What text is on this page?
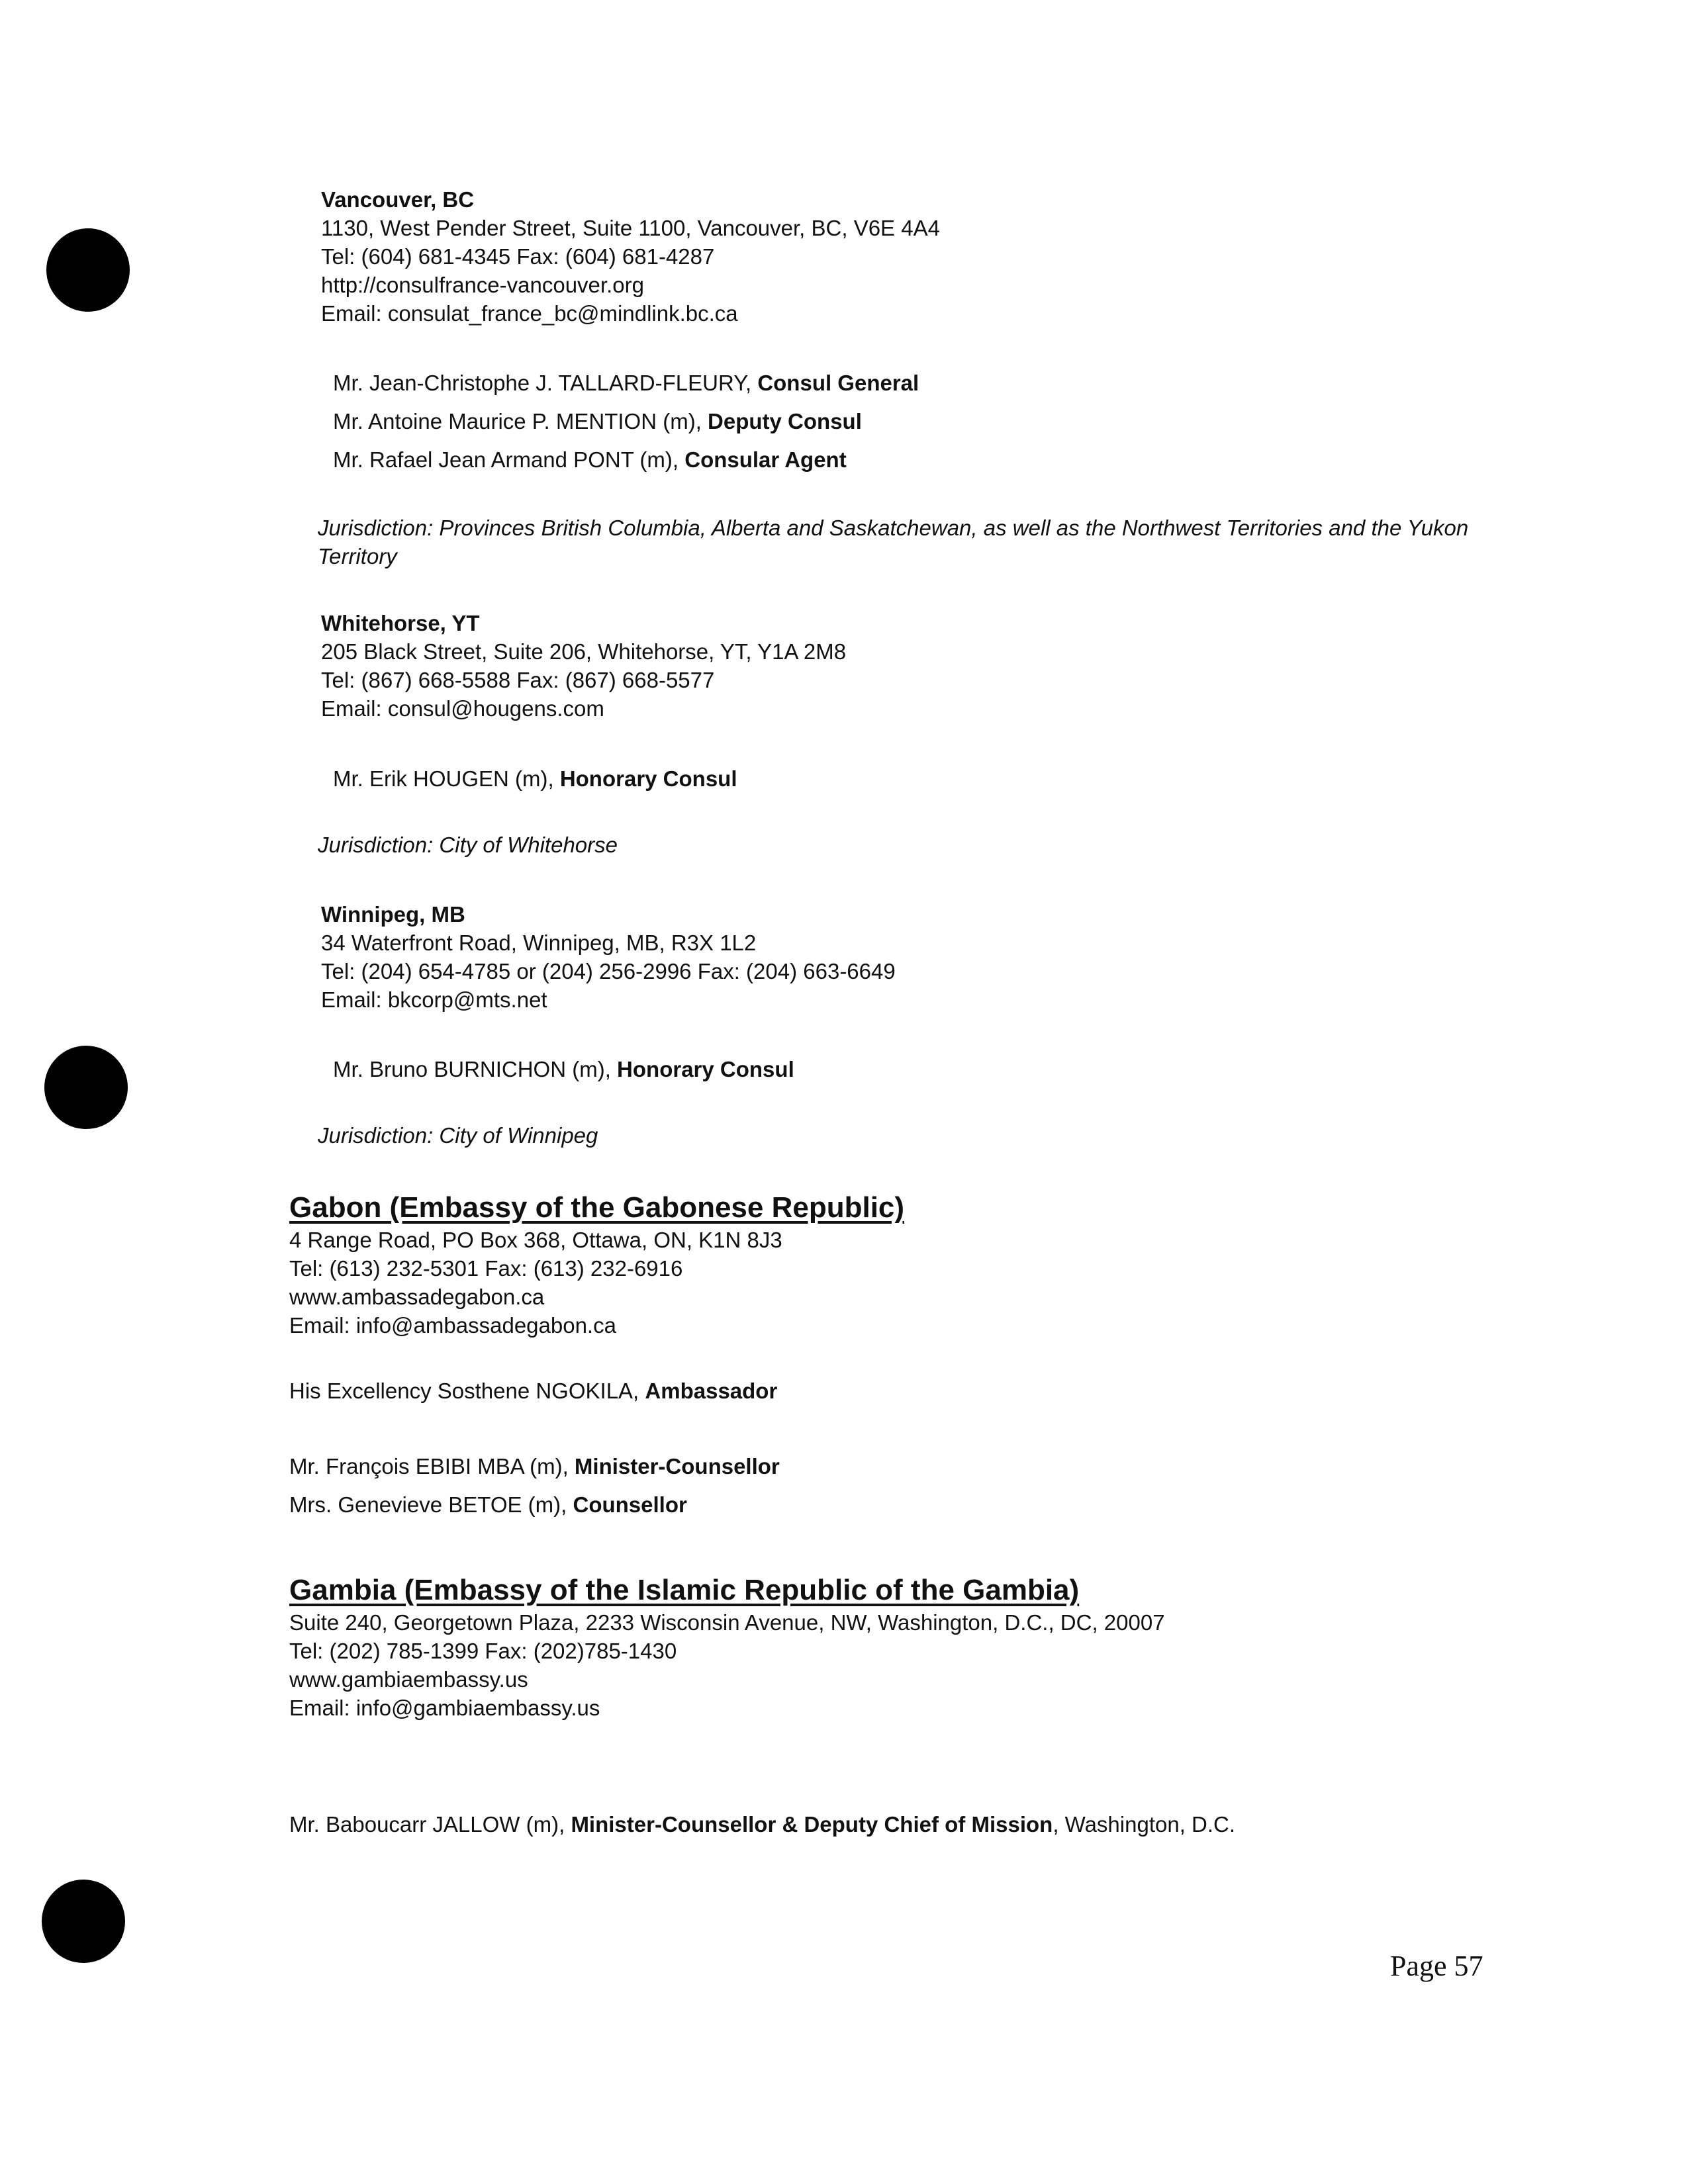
Vancouver, BC
1130, West Pender Street, Suite 1100, Vancouver, BC, V6E 4A4
Tel: (604) 681-4345 Fax: (604) 681-4287
http://consulfrance-vancouver.org
Email: consulat_france_bc@mindlink.bc.ca
Mr. Jean-Christophe J. TALLARD-FLEURY, Consul General
Mr. Antoine Maurice P. MENTION (m), Deputy Consul
Mr. Rafael Jean Armand PONT (m), Consular Agent
Jurisdiction: Provinces British Columbia, Alberta and Saskatchewan, as well as the Northwest Territories and the Yukon Territory
Whitehorse, YT
205 Black Street, Suite 206, Whitehorse, YT, Y1A 2M8
Tel: (867) 668-5588 Fax: (867) 668-5577
Email: consul@hougens.com
Mr. Erik HOUGEN (m), Honorary Consul
Jurisdiction: City of Whitehorse
Winnipeg, MB
34 Waterfront Road, Winnipeg, MB, R3X 1L2
Tel: (204) 654-4785 or (204) 256-2996 Fax: (204) 663-6649
Email: bkcorp@mts.net
Mr. Bruno BURNICHON (m), Honorary Consul
Jurisdiction: City of Winnipeg
Gabon (Embassy of the Gabonese Republic)
4 Range Road, PO Box 368, Ottawa, ON, K1N 8J3
Tel: (613) 232-5301 Fax: (613) 232-6916
www.ambassadegabon.ca
Email: info@ambassadegabon.ca
His Excellency Sosthene NGOKILA, Ambassador
Mr. François EBIBI MBA (m), Minister-Counsellor
Mrs. Genevieve BETOE (m), Counsellor
Gambia (Embassy of the Islamic Republic of the Gambia)
Suite 240, Georgetown Plaza, 2233 Wisconsin Avenue, NW, Washington, D.C., DC, 20007
Tel: (202) 785-1399 Fax: (202)785-1430
www.gambiaembassy.us
Email: info@gambiaembassy.us
Mr. Baboucarr JALLOW (m), Minister-Counsellor & Deputy Chief of Mission, Washington, D.C.
Page 57
